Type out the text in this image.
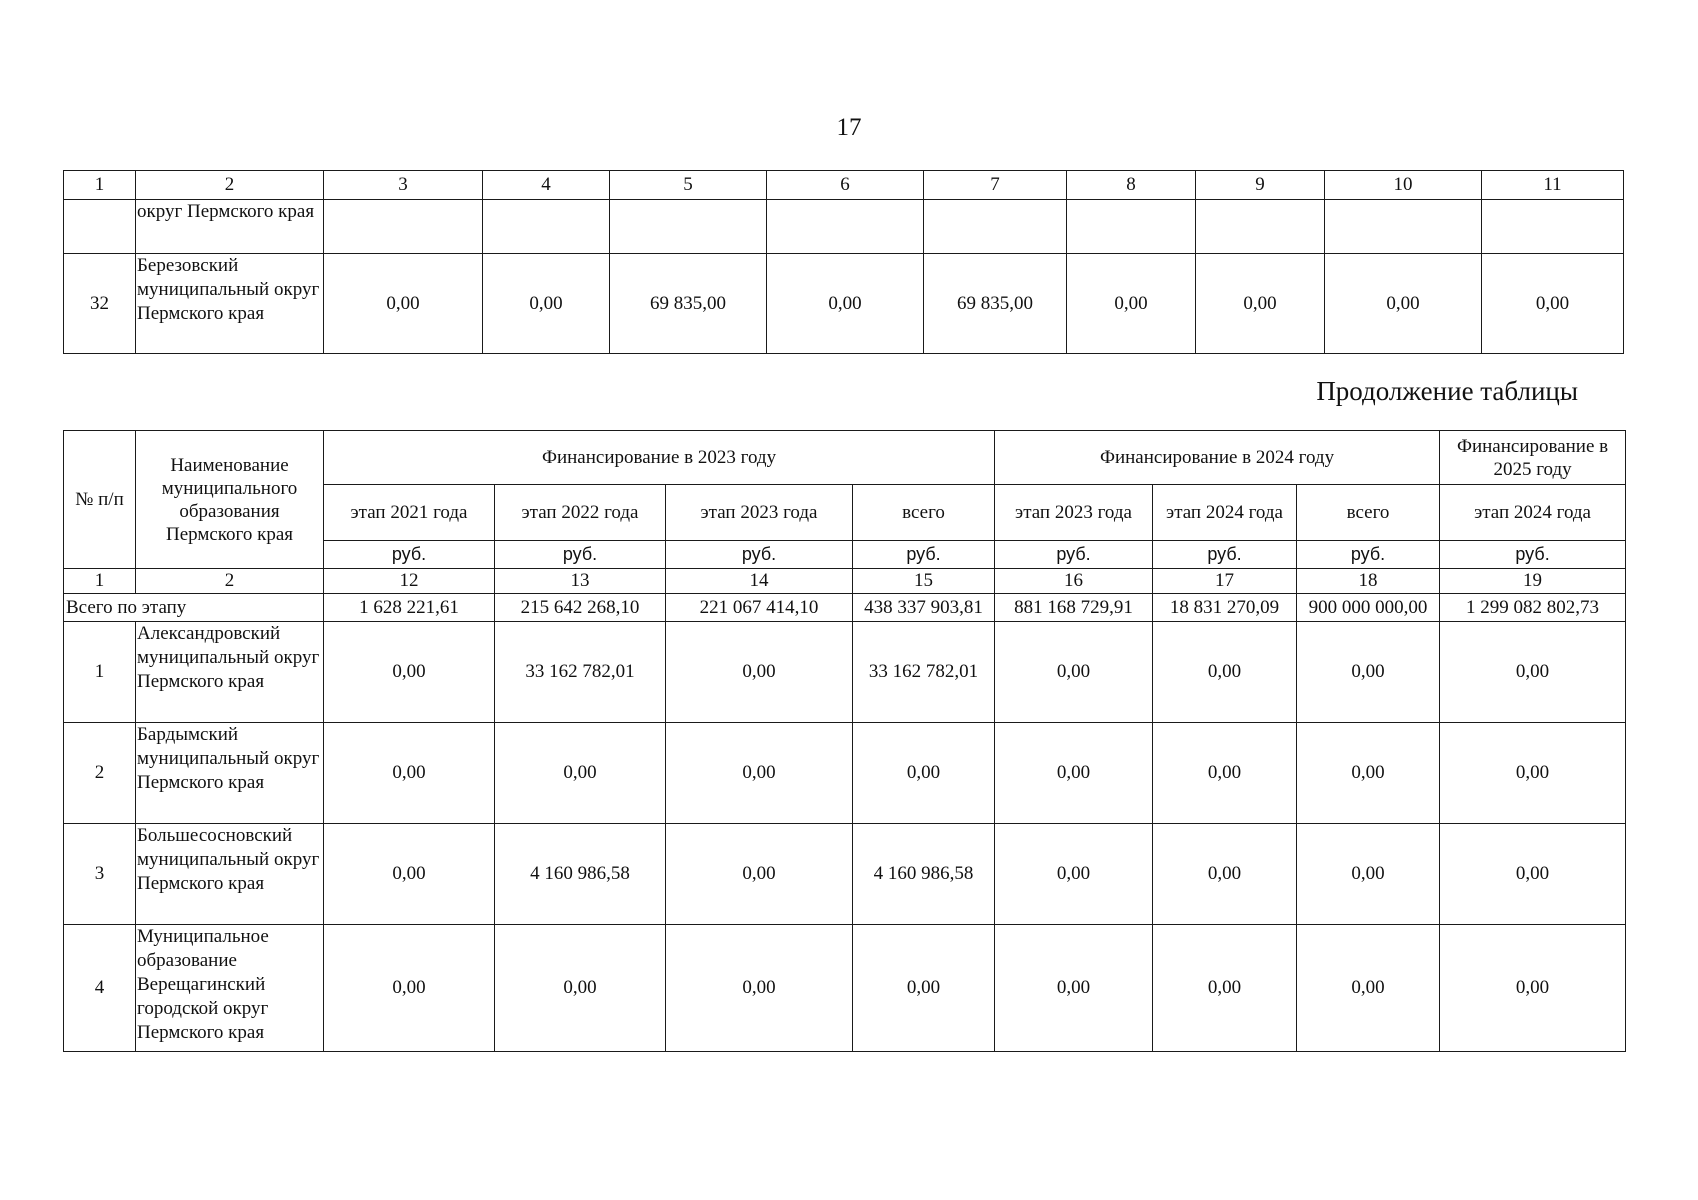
17
1	2	3	4	5	6	7	8	9	10	11
	округ Пермского края									
32	Березовский муниципальный округ Пермского края	0,00	0,00	69 835,00	0,00	69 835,00	0,00	0,00	0,00	0,00
Продолжение таблицы
№ п/п	Наименование муниципального образования Пермского края	Финансирование в 2023 году				Финансирование в 2024 году			Финансирование в 2025 году
		этап 2021 года	этап 2022 года	этап 2023 года	всего	этап 2023 года	этап 2024 года	всего	этап 2024 года
		руб.	руб.	руб.	руб.	руб.	руб.	руб.	руб.
1	2	12	13	14	15	16	17	18	19
Всего по этапу		1 628 221,61	215 642 268,10	221 067 414,10	438 337 903,81	881 168 729,91	18 831 270,09	900 000 000,00	1 299 082 802,73
1	Александровский муниципальный округ Пермского края	0,00	33 162 782,01	0,00	33 162 782,01	0,00	0,00	0,00	0,00
2	Бардымский муниципальный округ Пермского края	0,00	0,00	0,00	0,00	0,00	0,00	0,00	0,00
3	Большесосновский муниципальный округ Пермского края	0,00	4 160 986,58	0,00	4 160 986,58	0,00	0,00	0,00	0,00
4	Муниципальное образование Верещагинский городской округ Пермского края	0,00	0,00	0,00	0,00	0,00	0,00	0,00	0,00
